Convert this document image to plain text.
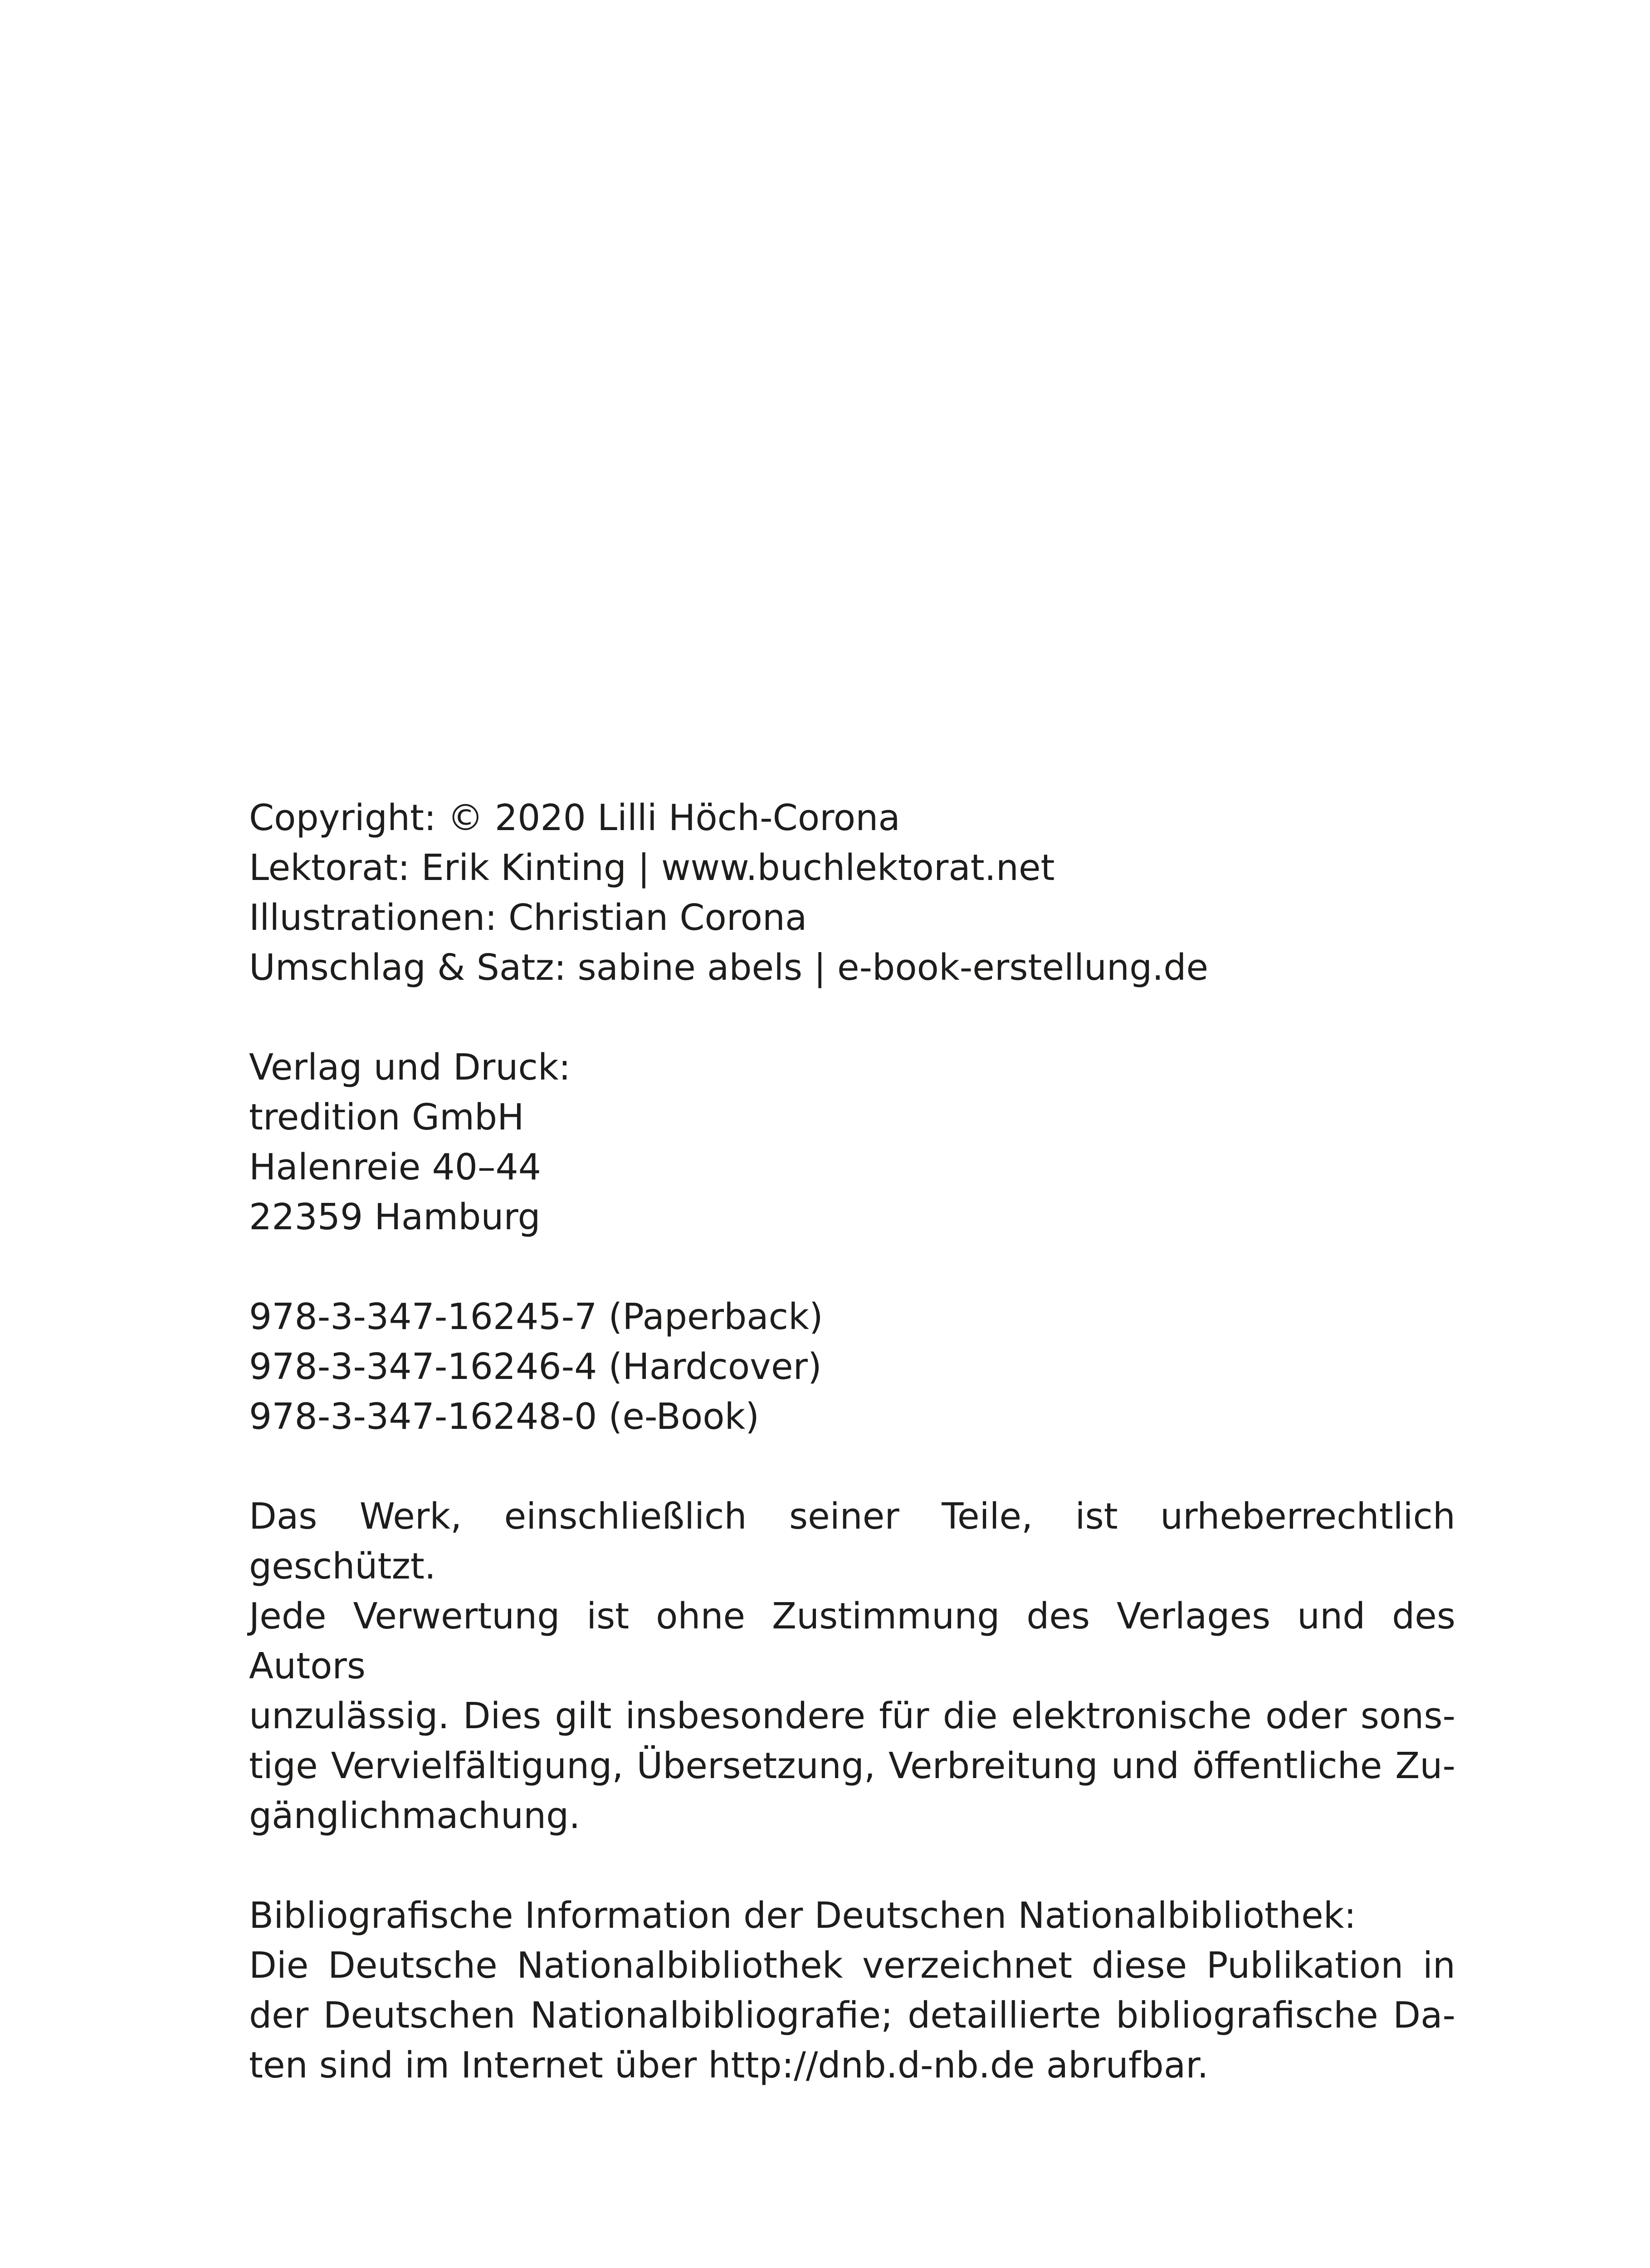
Copyright: © 2020 Lilli Höch-Corona
Lektorat: Erik Kinting | www.buchlektorat.net
Illustrationen: Christian Corona
Umschlag & Satz: sabine abels | e-book-erstellung.de
Verlag und Druck:
tredition GmbH
Halenreie 40–44
22359 Hamburg
978-3-347-16245-7 (Paperback)
978-3-347-16246-4 (Hardcover)
978-3-347-16248-0 (e-Book)
Das Werk, einschließlich seiner Teile, ist urheberrechtlich geschützt.
Jede Verwertung ist ohne Zustimmung des Verlages und des Autors
unzulässig. Dies gilt insbesondere für die elektronische oder sons-
tige Vervielfältigung, Übersetzung, Verbreitung und öffentliche Zu-
gänglichmachung.
Bibliografische Information der Deutschen Nationalbibliothek:
Die Deutsche Nationalbibliothek verzeichnet diese Publikation in
der Deutschen Nationalbibliografie; detaillierte bibliografische Da-
ten sind im Internet über http://dnb.d-nb.de abrufbar.
